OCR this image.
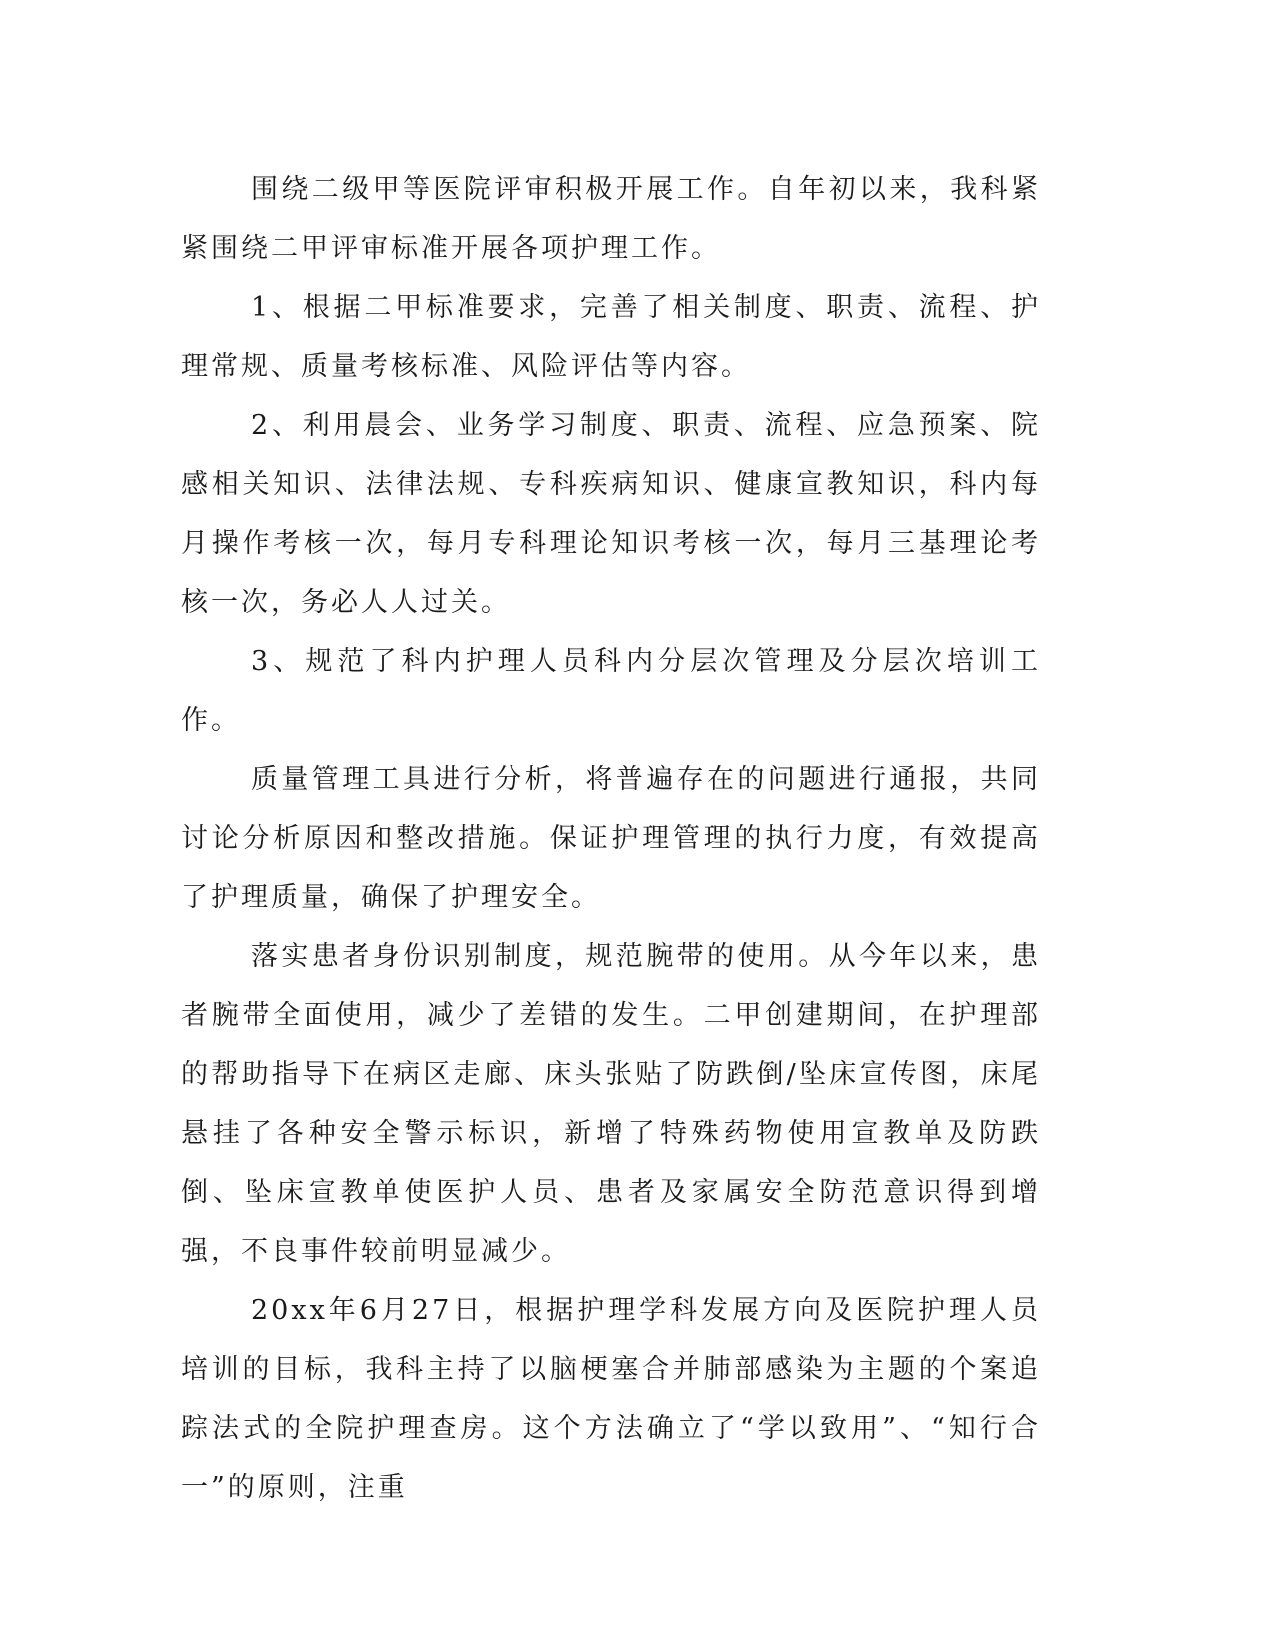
围绕二级甲等医院评审积极开展工作。自年初以来，我科紧紧围绕二甲评审标准开展各项护理工作。

1、根据二甲标准要求，完善了相关制度、职责、流程、护理常规、质量考核标准、风险评估等内容。

2、利用晨会、业务学习制度、职责、流程、应急预案、院感相关知识、法律法规、专科疾病知识、健康宣教知识，科内每月操作考核一次，每月专科理论知识考核一次，每月三基理论考核一次，务必人人过关。

3、规范了科内护理人员科内分层次管理及分层次培训工作。

质量管理工具进行分析，将普遍存在的问题进行通报，共同讨论分析原因和整改措施。保证护理管理的执行力度，有效提高了护理质量，确保了护理安全。

落实患者身份识别制度，规范腕带的使用。从今年以来，患者腕带全面使用，减少了差错的发生。二甲创建期间，在护理部的帮助指导下在病区走廊、床头张贴了防跌倒/坠床宣传图，床尾悬挂了各种安全警示标识，新增了特殊药物使用宣教单及防跌倒、坠床宣教单使医护人员、患者及家属安全防范意识得到增强，不良事件较前明显减少。

20xx年6月27日，根据护理学科发展方向及医院护理人员培训的目标，我科主持了以脑梗塞合并肺部感染为主题的个案追踪法式的全院护理查房。这个方法确立了“学以致用”、“知行合一”的原则，注重
